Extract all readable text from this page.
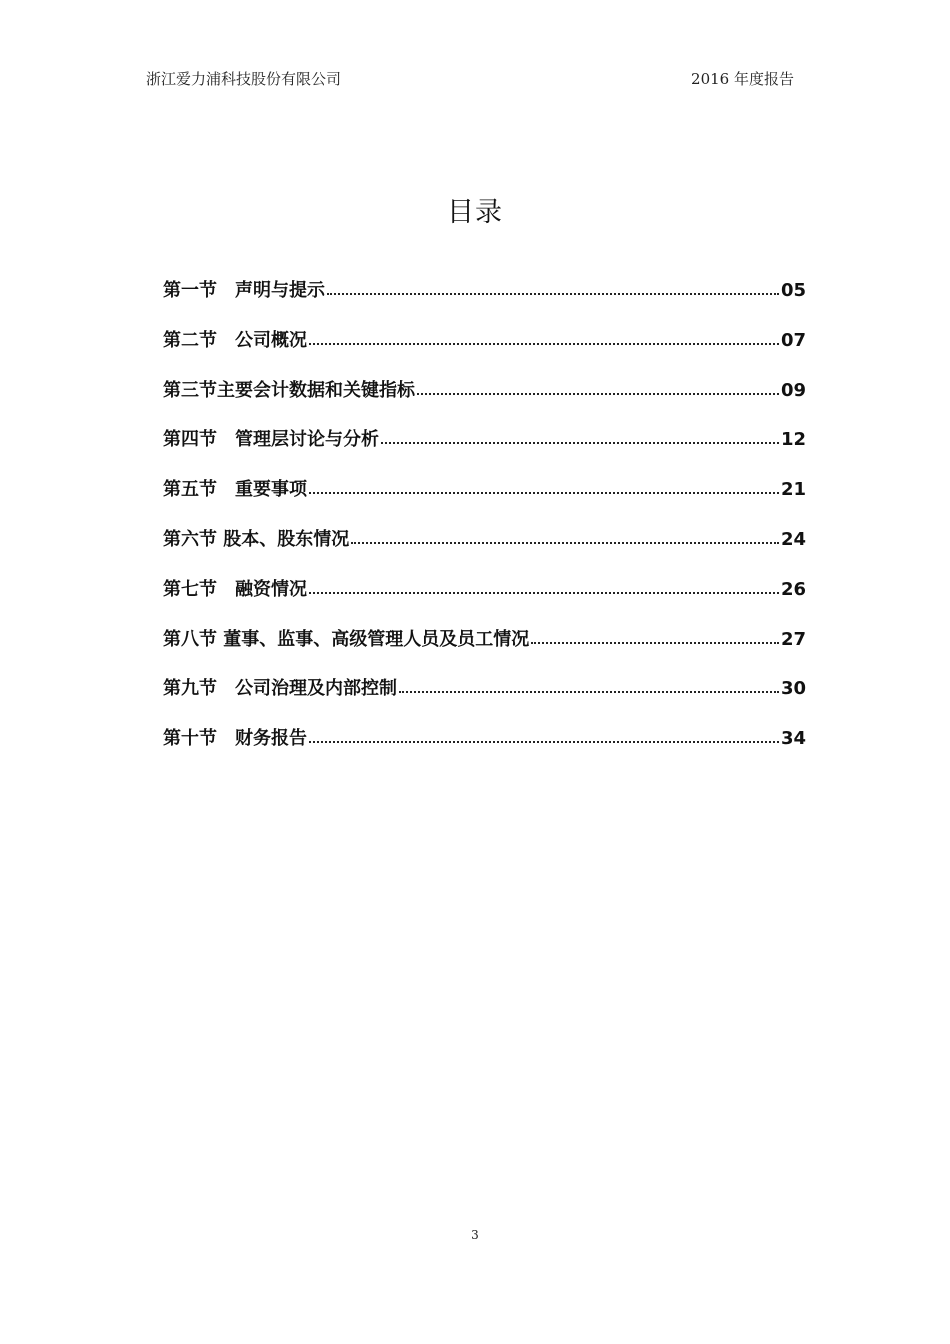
浙江爱力浦科技股份有限公司	2016 年度报告
目录
第一节　声明与提示	05
第二节　公司概况	07
第三节主要会计数据和关键指标	09
第四节　管理层讨论与分析	12
第五节　重要事项	21
第六节 股本、股东情况	24
第七节　融资情况	26
第八节 董事、监事、高级管理人员及员工情况	27
第九节　公司治理及内部控制	30
第十节　财务报告	34
3
